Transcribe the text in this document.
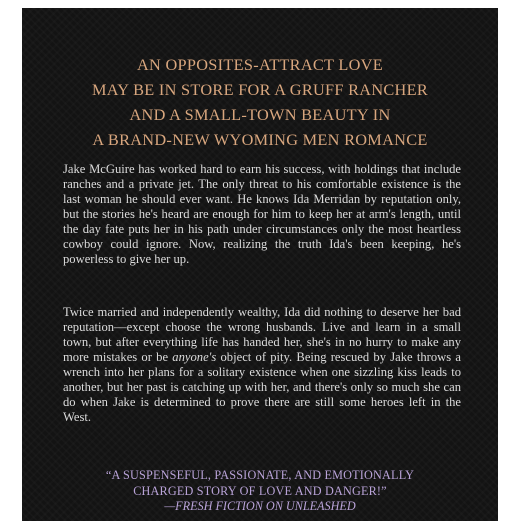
AN OPPOSITES-ATTRACT LOVE
MAY BE IN STORE FOR A GRUFF RANCHER
AND A SMALL-TOWN BEAUTY IN
A BRAND-NEW WYOMING MEN ROMANCE

Jake McGuire has worked hard to earn his success, with holdings that include ranches and a private jet. The only threat to his comfortable existence is the last woman he should ever want. He knows Ida Merridan by reputation only, but the stories he's heard are enough for him to keep her at arm's length, until the day fate puts her in his path under circumstances only the most heartless cowboy could ignore. Now, realizing the truth Ida's been keeping, he's powerless to give her up.

Twice married and independently wealthy, Ida did nothing to deserve her bad reputation—except choose the wrong husbands. Live and learn in a small town, but after everything life has handed her, she's in no hurry to make any more mistakes or be anyone's object of pity. Being rescued by Jake throws a wrench into her plans for a solitary existence when one sizzling kiss leads to another, but her past is catching up with her, and there's only so much she can do when Jake is determined to prove there are still some heroes left in the West.

“A SUSPENSEFUL, PASSIONATE, AND EMOTIONALLY
CHARGED STORY OF LOVE AND DANGER!”
—FRESH FICTION ON UNLEASHED
